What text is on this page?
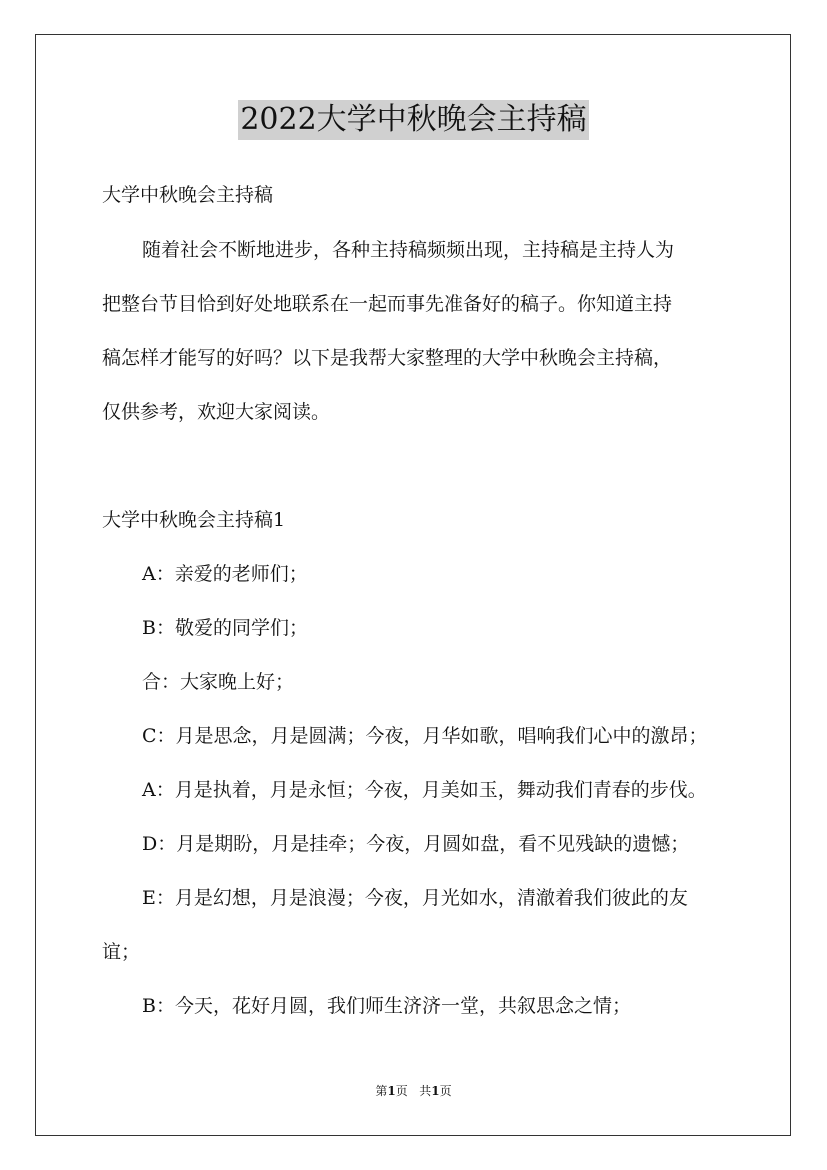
2022大学中秋晚会主持稿
大学中秋晚会主持稿
随着社会不断地进步，各种主持稿频频出现，主持稿是主持人为
把整台节目恰到好处地联系在一起而事先准备好的稿子。你知道主持
稿怎样才能写的好吗？以下是我帮大家整理的大学中秋晚会主持稿，
仅供参考，欢迎大家阅读。
大学中秋晚会主持稿1
A：亲爱的老师们；
B：敬爱的同学们；
合：大家晚上好；
C：月是思念，月是圆满；今夜，月华如歌，唱响我们心中的激昂；
A：月是执着，月是永恒；今夜，月美如玉，舞动我们青春的步伐。
D：月是期盼，月是挂牵；今夜，月圆如盘，看不见残缺的遗憾；
E：月是幻想，月是浪漫；今夜，月光如水，清澈着我们彼此的友
谊；
B：今天，花好月圆，我们师生济济一堂，共叙思念之情；
第1页 共1页
